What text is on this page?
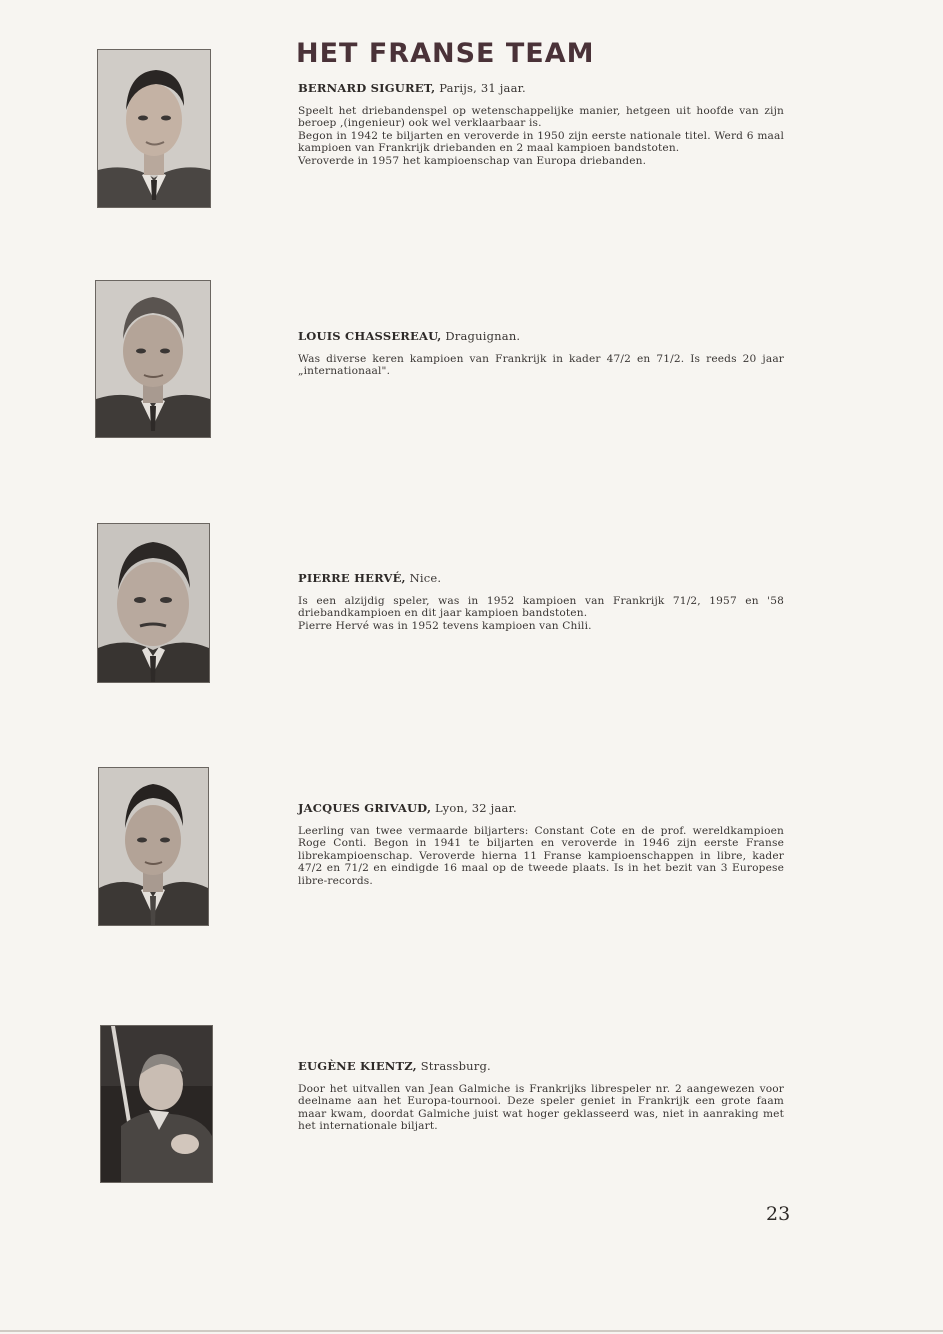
HET FRANSE TEAM

BERNARD SIGURET, Parijs, 31 jaar.

Speelt het driebandenspel op wetenschappelijke manier, hetgeen uit hoofde van zijn beroep ,(ingenieur) ook wel verklaarbaar is.

Begon in 1942 te biljarten en veroverde in 1950 zijn eerste nationale titel. Werd 6 maal kampioen van Frankrijk driebanden en 2 maal kampioen bandstoten.

Veroverde in 1957 het kampioenschap van Europa driebanden.

LOUIS CHASSEREAU, Draguignan.

Was diverse keren kampioen van Frankrijk in kader 47/2 en 71/2. Is reeds 20 jaar „internationaal".

PIERRE HERVÉ, Nice.

Is een alzijdig speler, was in 1952 kampioen van Frankrijk 71/2, 1957 en '58 driebandkampioen en dit jaar kampioen bandstoten.

Pierre Hervé was in 1952 tevens kampioen van Chili.

JACQUES GRIVAUD, Lyon, 32 jaar.

Leerling van twee vermaarde biljarters: Constant Cote en de prof. wereldkampioen Roge Conti. Begon in 1941 te biljarten en veroverde in 1946 zijn eerste Franse librekampioenschap. Veroverde hierna 11 Franse kampioenschappen in libre, kader 47/2 en 71/2 en eindigde 16 maal op de tweede plaats. Is in het bezit van 3 Europese libre-records.

EUGÈNE KIENTZ, Strassburg.

Door het uitvallen van Jean Galmiche is Frankrijks librespeler nr. 2 aangewezen voor deelname aan het Europa-tournooi. Deze speler geniet in Frankrijk een grote faam maar kwam, doordat Galmiche juist wat hoger geklasseerd was, niet in aanraking met het internationale biljart.

23
